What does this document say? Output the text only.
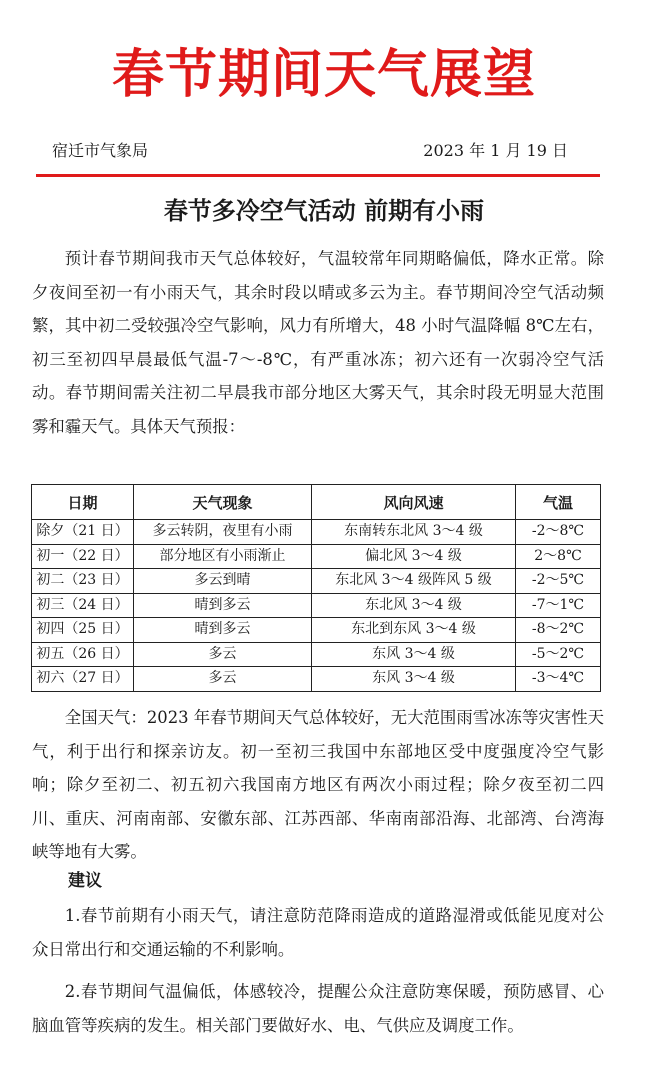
春节期间天气展望
宿迁市气象局	2023 年 1 月 19 日
春节多冷空气活动 前期有小雨

预计春节期间我市天气总体较好，气温较常年同期略偏低，降水正常。除夕夜间至初一有小雨天气，其余时段以晴或多云为主。春节期间冷空气活动频繁，其中初二受较强冷空气影响，风力有所增大，48 小时气温降幅 8℃左右，初三至初四早晨最低气温-7～-8℃，有严重冰冻；初六还有一次弱冷空气活动。春节期间需关注初二早晨我市部分地区大雾天气，其余时段无明显大范围雾和霾天气。具体天气预报：

日期	天气现象	风向风速	气温
除夕（21 日）	多云转阴，夜里有小雨	东南转东北风 3～4 级	-2～8℃
初一（22 日）	部分地区有小雨渐止	偏北风 3～4 级	2～8℃
初二（23 日）	多云到晴	东北风 3～4 级阵风 5 级	-2～5℃
初三（24 日）	晴到多云	东北风 3～4 级	-7～1℃
初四（25 日）	晴到多云	东北到东风 3～4 级	-8～2℃
初五（26 日）	多云	东风 3～4 级	-5～2℃
初六（27 日）	多云	东风 3～4 级	-3～4℃

全国天气：2023 年春节期间天气总体较好，无大范围雨雪冰冻等灾害性天气，利于出行和探亲访友。初一至初三我国中东部地区受中度强度冷空气影响；除夕至初二、初五初六我国南方地区有两次小雨过程；除夕夜至初二四川、重庆、河南南部、安徽东部、江苏西部、华南南部沿海、北部湾、台湾海峡等地有大雾。

建议

1.春节前期有小雨天气，请注意防范降雨造成的道路湿滑或低能见度对公众日常出行和交通运输的不利影响。

2.春节期间气温偏低，体感较冷，提醒公众注意防寒保暖，预防感冒、心脑血管等疾病的发生。相关部门要做好水、电、气供应及调度工作。
